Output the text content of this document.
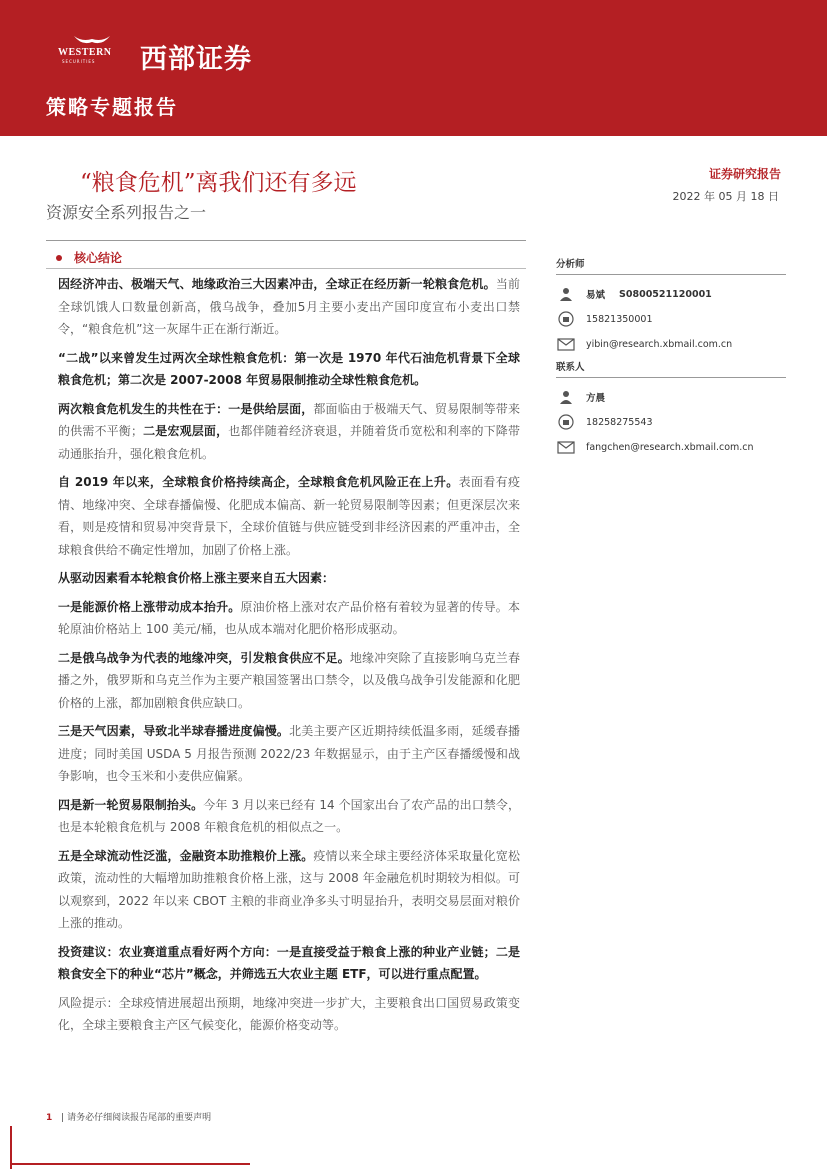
WESTERN
SECURITIES 西部证券
策略专题报告
“粮食危机”离我们还有多远
资源安全系列报告之一
证券研究报告
2022 年 05 月 18 日
核心结论

因经济冲击、极端天气、地缘政治三大因素冲击，全球正在经历新一轮粮食危机。当前全球饥饿人口数量创新高，俄乌战争，叠加5月主要小麦出产国印度宣布小麦出口禁令，“粮食危机”这一灰犀牛正在渐行渐近。

“二战”以来曾发生过两次全球性粮食危机：第一次是 1970 年代石油危机背景下全球粮食危机；第二次是 2007-2008 年贸易限制推动全球性粮食危机。

两次粮食危机发生的共性在于：一是供给层面，都面临由于极端天气、贸易限制等带来的供需不平衡；二是宏观层面，也都伴随着经济衰退，并随着货币宽松和利率的下降带动通胀抬升，强化粮食危机。

自 2019 年以来，全球粮食价格持续高企，全球粮食危机风险正在上升。表面看有疫情、地缘冲突、全球春播偏慢、化肥成本偏高、新一轮贸易限制等因素；但更深层次来看，则是疫情和贸易冲突背景下，全球价值链与供应链受到非经济因素的严重冲击，全球粮食供给不确定性增加，加剧了价格上涨。

从驱动因素看本轮粮食价格上涨主要来自五大因素：

一是能源价格上涨带动成本抬升。原油价格上涨对农产品价格有着较为显著的传导。本轮原油价格站上 100 美元/桶，也从成本端对化肥价格形成驱动。

二是俄乌战争为代表的地缘冲突，引发粮食供应不足。地缘冲突除了直接影响乌克兰春播之外，俄罗斯和乌克兰作为主要产粮国签署出口禁令，以及俄乌战争引发能源和化肥价格的上涨，都加剧粮食供应缺口。

三是天气因素，导致北半球春播进度偏慢。北美主要产区近期持续低温多雨，延缓春播进度；同时美国 USDA 5 月报告预测 2022/23 年数据显示，由于主产区春播缓慢和战争影响，也令玉米和小麦供应偏紧。

四是新一轮贸易限制抬头。今年 3 月以来已经有 14 个国家出台了农产品的出口禁令，也是本轮粮食危机与 2008 年粮食危机的相似点之一。

五是全球流动性泛滥，金融资本助推粮价上涨。疫情以来全球主要经济体采取量化宽松政策，流动性的大幅增加助推粮食价格上涨，这与 2008 年金融危机时期较为相似。可以观察到，2022 年以来 CBOT 主粮的非商业净多头寸明显抬升，表明交易层面对粮价上涨的推动。

投资建议：农业赛道重点看好两个方向：一是直接受益于粮食上涨的种业产业链；二是粮食安全下的种业“芯片”概念，并筛选五大农业主题 ETF，可以进行重点配置。

风险提示：全球疫情进展超出预期，地缘冲突进一步扩大，主要粮食出口国贸易政策变化，全球主要粮食主产区气候变化，能源价格变动等。

分析师
易斌 S0800521120001
15821350001
yibin@research.xbmail.com.cn
联系人
方晨
18258275543
fangchen@research.xbmail.com.cn
1 | 请务必仔细阅读报告尾部的重要声明
